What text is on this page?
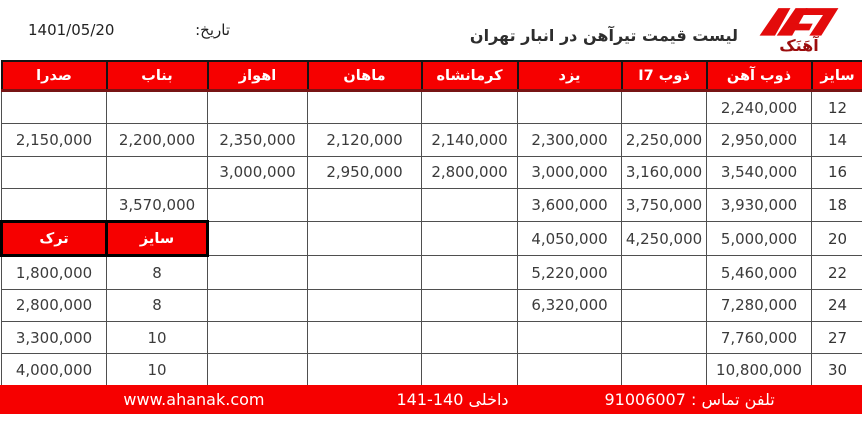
تاریخ:
1401/05/20	لیست قیمت تیرآهن در انبار تهران
آهَنَک
سایز	ذوب آهن	ذوب I7	یزد	کرمانشاه	ماهان	اهواز	بناب	صدرا
12	2,240,000							
14	2,950,000	2,250,000	2,300,000	2,140,000	2,120,000	2,350,000	2,200,000	2,150,000
16	3,540,000	3,160,000	3,000,000	2,800,000	2,950,000	3,000,000		
18	3,930,000	3,750,000	3,600,000				3,570,000	
20	5,000,000	4,250,000	4,050,000				سایز	ترک
22	5,460,000		5,220,000				8	1,800,000
24	7,280,000		6,320,000				8	2,800,000
27	7,760,000						10	3,300,000
30	10,800,000						10	4,000,000
www.ahanak.com	داخلی 140-141	تلفن تماس : 91006007
